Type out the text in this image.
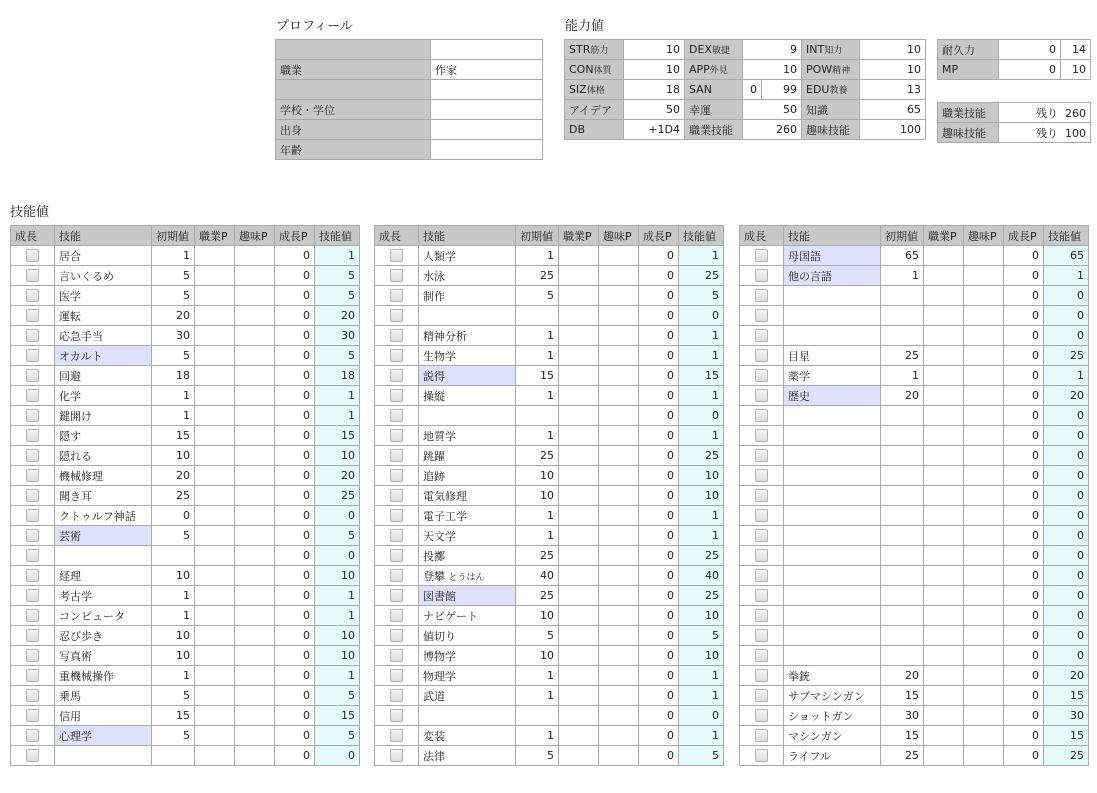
プロフィール

職業	作家

学校・学位	
出身	
年齢	
能力値
STR筋力	10	DEX敏捷	9		INT知力	10
CON体質	10	APP外見	10		POW精神	10
SIZ体格	18	SAN	0	99	EDU教養	13
アイデア	50	幸運	50		知識	65
DB	+1D4	職業技能	260		趣味技能	100
耐久力	0	14
MP	0	10
職業技能	残り 260
趣味技能	残り 100
技能値
成長	技能	初期値	職業P	趣味P	成長P	技能値
	居合	1			0	1
	言いくるめ	5			0	5
	医学	5			0	5
	運転	20			0	20
	応急手当	30			0	30
	オカルト	5			0	5
	回避	18			0	18
	化学	1			0	1
	鍵開け	1			0	1
	隠す	15			0	15
	隠れる	10			0	10
	機械修理	20			0	20
	聞き耳	25			0	25
	クトゥルフ神話	0			0	0
	芸術	5			0	5
					0	0
	経理	10			0	10
	考古学	1			0	1
	コンピュータ	1			0	1
	忍び歩き	10			0	10
	写真術	10			0	10
	重機械操作	1			0	1
	乗馬	5			0	5
	信用	15			0	15
	心理学	5			0	5
					0	0
成長	技能	初期値	職業P	趣味P	成長P	技能値
	人類学	1			0	1
	水泳	25			0	25
	制作	5			0	5
					0	0
	精神分析	1			0	1
	生物学	1			0	1
	説得	15			0	15
	操縦	1			0	1
					0	0
	地質学	1			0	1
	跳躍	25			0	25
	追跡	10			0	10
	電気修理	10			0	10
	電子工学	1			0	1
	天文学	1			0	1
	投擲	25			0	25
	登攀 とうはん	40			0	40
	図書館	25			0	25
	ナビゲート	10			0	10
	値切り	5			0	5
	博物学	10			0	10
	物理学	1			0	1
	武道	1			0	1
					0	0
	変装	1			0	1
	法律	5			0	5
成長	技能	初期値	職業P	趣味P	成長P	技能値
	母国語	65			0	65
	他の言語	1			0	1
					0	0
					0	0
					0	0
	目星	25			0	25
	薬学	1			0	1
	歴史	20			0	20
					0	0
					0	0
					0	0
					0	0
					0	0
					0	0
					0	0
					0	0
					0	0
					0	0
					0	0
					0	0
					0	0
	拳銃	20			0	20
	サブマシンガン	15			0	15
	ショットガン	30			0	30
	マシンガン	15			0	15
	ライフル	25			0	25
